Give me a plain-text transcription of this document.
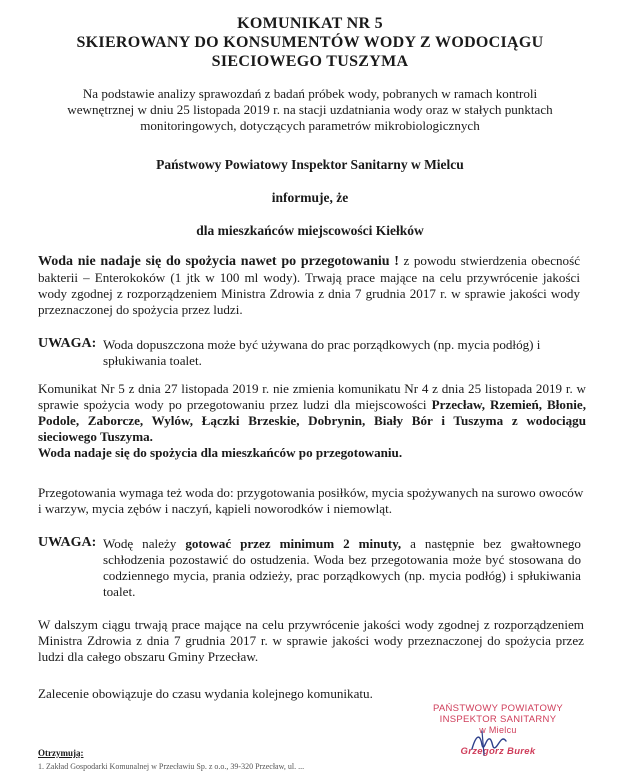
KOMUNIKAT NR 5
SKIEROWANY DO KONSUMENTÓW WODY Z WODOCIĄGU
SIECIOWEGO TUSZYMA
Na podstawie analizy sprawozdań z badań próbek wody, pobranych w ramach kontroli wewnętrznej w dniu 25 listopada 2019 r. na stacji uzdatniania wody oraz w stałych punktach monitoringowych, dotyczących parametrów mikrobiologicznych
Państwowy Powiatowy Inspektor Sanitarny w Mielcu
informuje, że
dla mieszkańców miejscowości Kiełków
Woda nie nadaje się do spożycia nawet po przegotowaniu ! z powodu stwierdzenia obecność bakterii – Enterokoków (1 jtk w 100 ml wody). Trwają prace mające na celu przywrócenie jakości wody zgodnej z rozporządzeniem Ministra Zdrowia z dnia 7 grudnia 2017 r. w sprawie jakości wody przeznaczonej do spożycia przez ludzi.
UWAGA: Woda dopuszczona może być używana do prac porządkowych (np. mycia podłóg) i spłukiwania toalet.
Komunikat Nr 5 z dnia 27 listopada 2019 r. nie zmienia komunikatu Nr 4 z dnia 25 listopada 2019 r. w sprawie spożycia wody po przegotowaniu przez ludzi dla miejscowości Przecław, Rzemień, Błonie, Podole, Zaborcze, Wylów, Łączki Brzeskie, Dobrynin, Biały Bór i Tuszyma z wodociągu sieciowego Tuszyma.
Woda nadaje się do spożycia dla mieszkańców po przegotowaniu.
Przegotowania wymaga też woda do: przygotowania posiłków, mycia spożywanych na surowo owoców i warzyw, mycia zębów i naczyń, kąpieli noworodków i niemowląt.
UWAGA: Wodę należy gotować przez minimum 2 minuty, a następnie bez gwałtownego schłodzenia pozostawić do ostudzenia. Woda bez przegotowania może być stosowana do codziennego mycia, prania odzieży, prac porządkowych (np. mycia podłóg) i spłukiwania toalet.
W dalszym ciągu trwają prace mające na celu przywrócenie jakości wody zgodnej z rozporządzeniem Ministra Zdrowia z dnia 7 grudnia 2017 r. w sprawie jakości wody przeznaczonej do spożycia przez ludzi dla całego obszaru Gminy Przecław.
Zalecenie obowiązuje do czasu wydania kolejnego komunikatu.
PAŃSTWOWY POWIATOWY
INSPEKTOR SANITARNY
w Mielcu
Grzegorz Burek
Otrzymują:
1. Zakład Gospodarki Komunalnej w Przecławiu Sp. z o.o., 39-320 Przecław, ul. ...
